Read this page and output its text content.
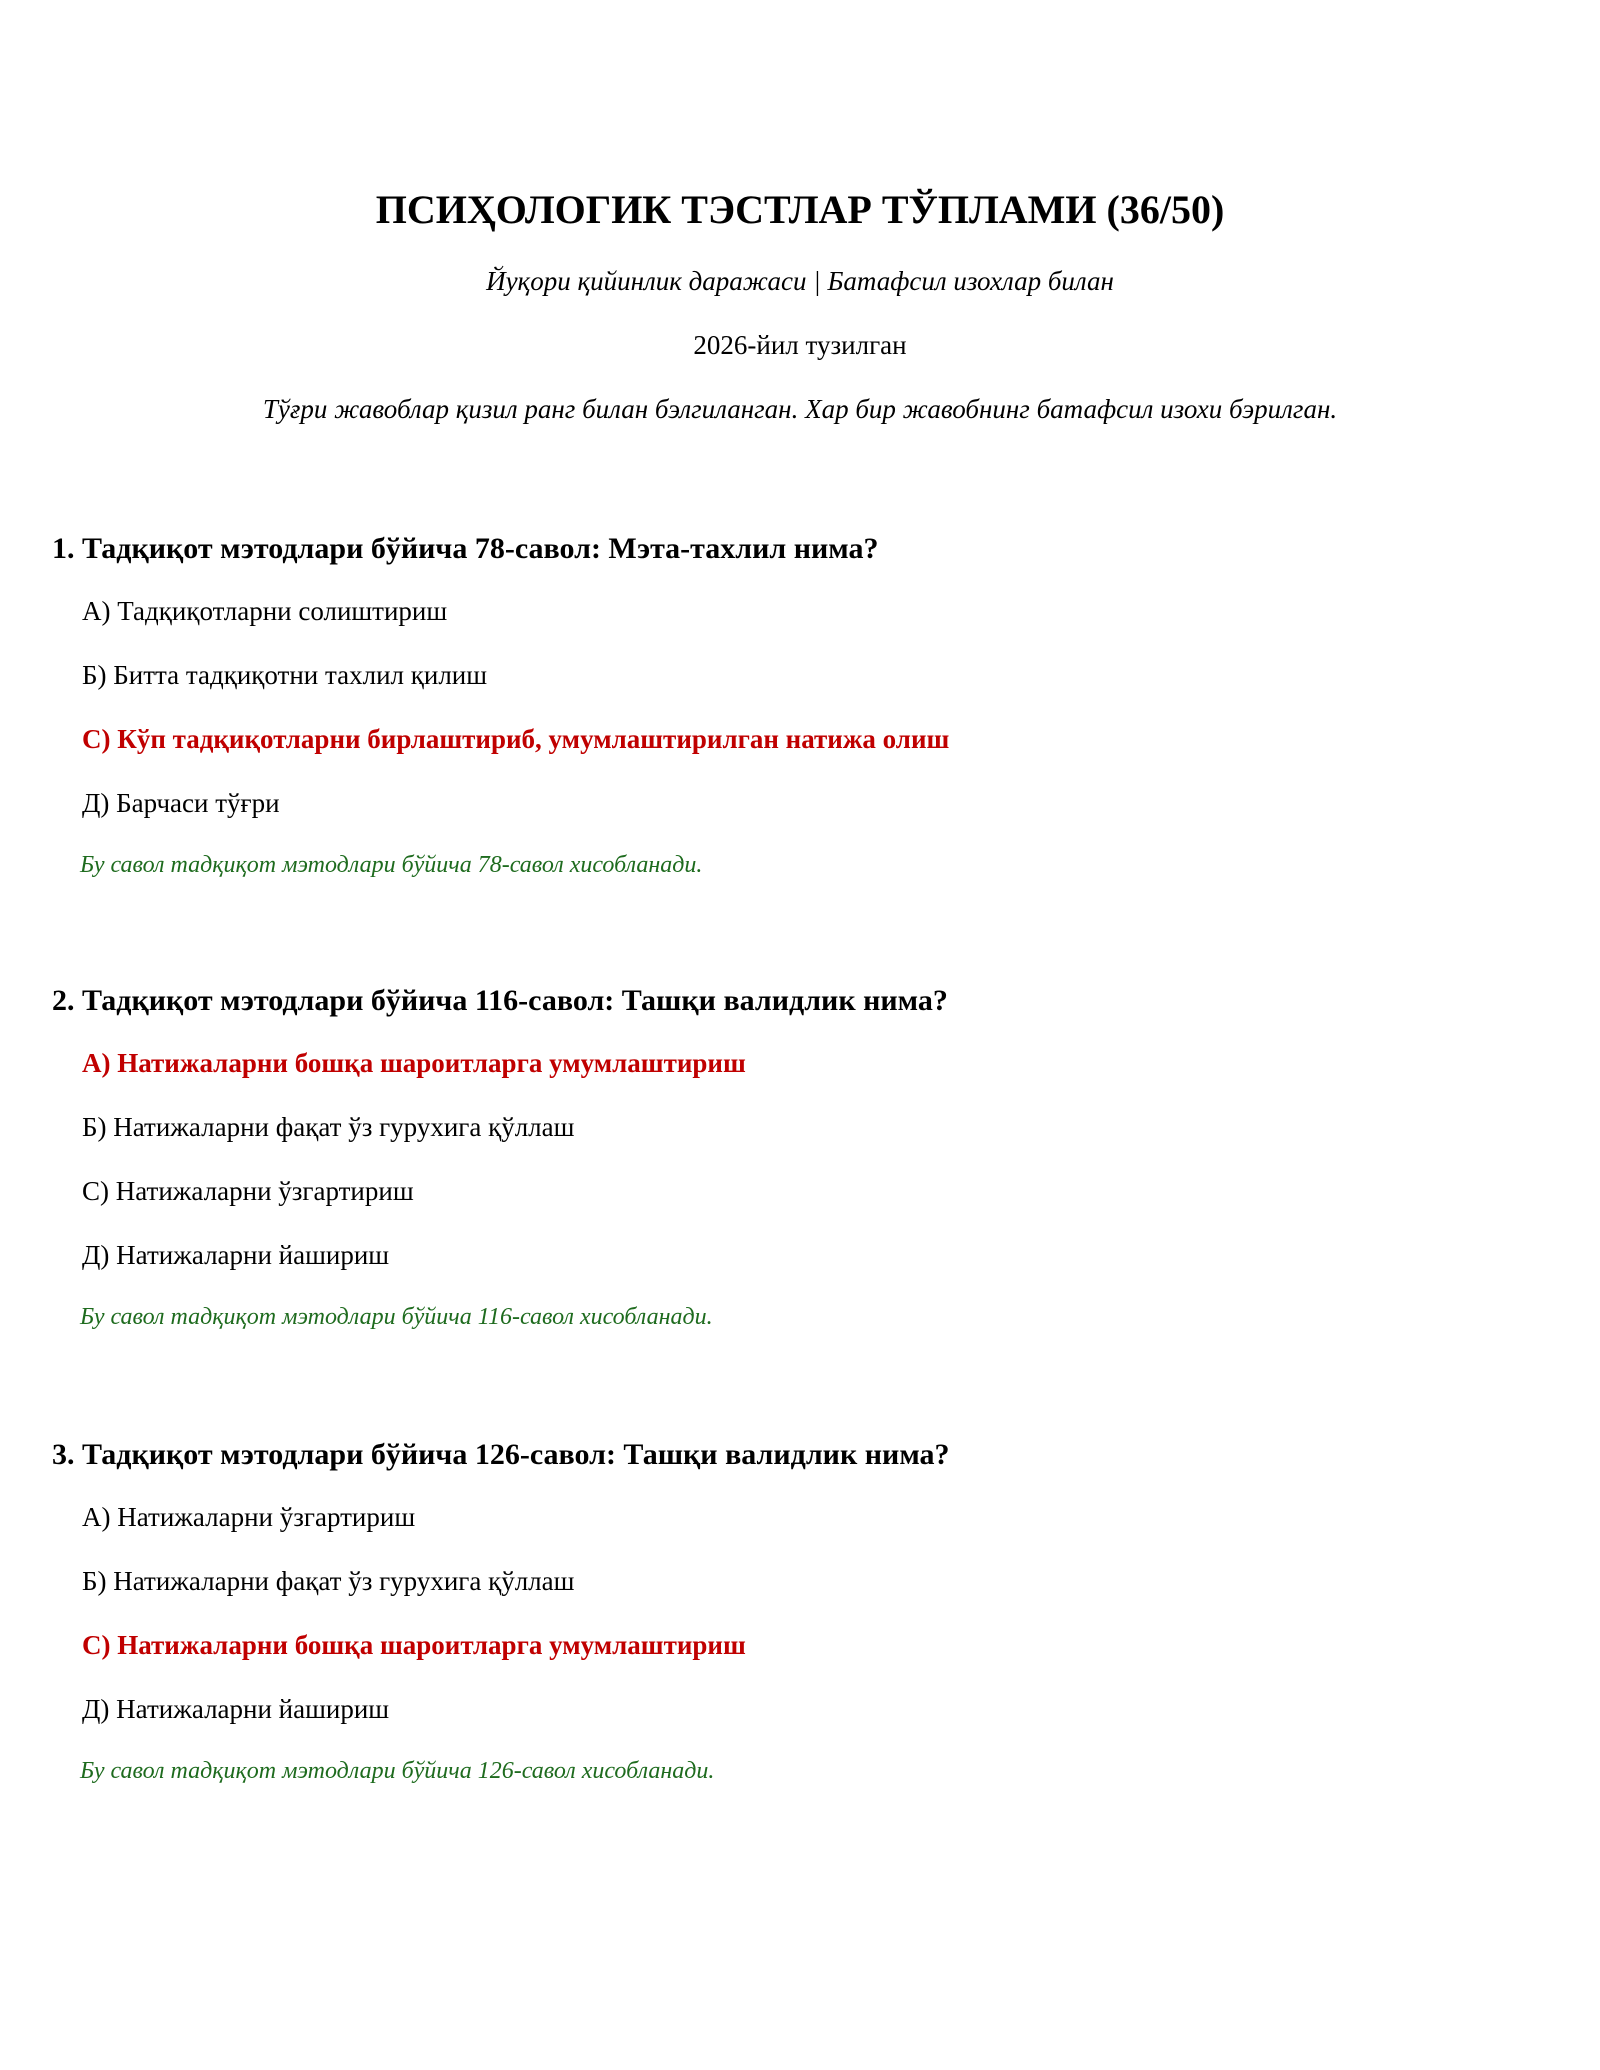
ПСИҲОЛОГИК ТЭСТЛАР ТЎПЛАМИ (36/50)
Йуқори қийинлик даражаси | Батафсил изохлар билан
2026-йил тузилган
Тўғри жавоблар қизил ранг билан бэлгиланган. Хар бир жавобнинг батафсил изохи бэрилган.
1. Тадқиқот мэтодлари бўйича 78-савол: Мэта-тахлил нима?
А) Тадқиқотларни солиштириш
Б) Битта тадқиқотни тахлил қилиш
С) Кўп тадқиқотларни бирлаштириб, умумлаштирилган натижа олиш
Д) Барчаси тўғри
Бу савол тадқиқот мэтодлари бўйича 78-савол хисобланади.
2. Тадқиқот мэтодлари бўйича 116-савол: Ташқи валидлик нима?
А) Натижаларни бошқа шароитларга умумлаштириш
Б) Натижаларни фақат ўз гурухига қўллаш
С) Натижаларни ўзгартириш
Д) Натижаларни йашириш
Бу савол тадқиқот мэтодлари бўйича 116-савол хисобланади.
3. Тадқиқот мэтодлари бўйича 126-савол: Ташқи валидлик нима?
А) Натижаларни ўзгартириш
Б) Натижаларни фақат ўз гурухига қўллаш
С) Натижаларни бошқа шароитларга умумлаштириш
Д) Натижаларни йашириш
Бу савол тадқиқот мэтодлари бўйича 126-савол хисобланади.
